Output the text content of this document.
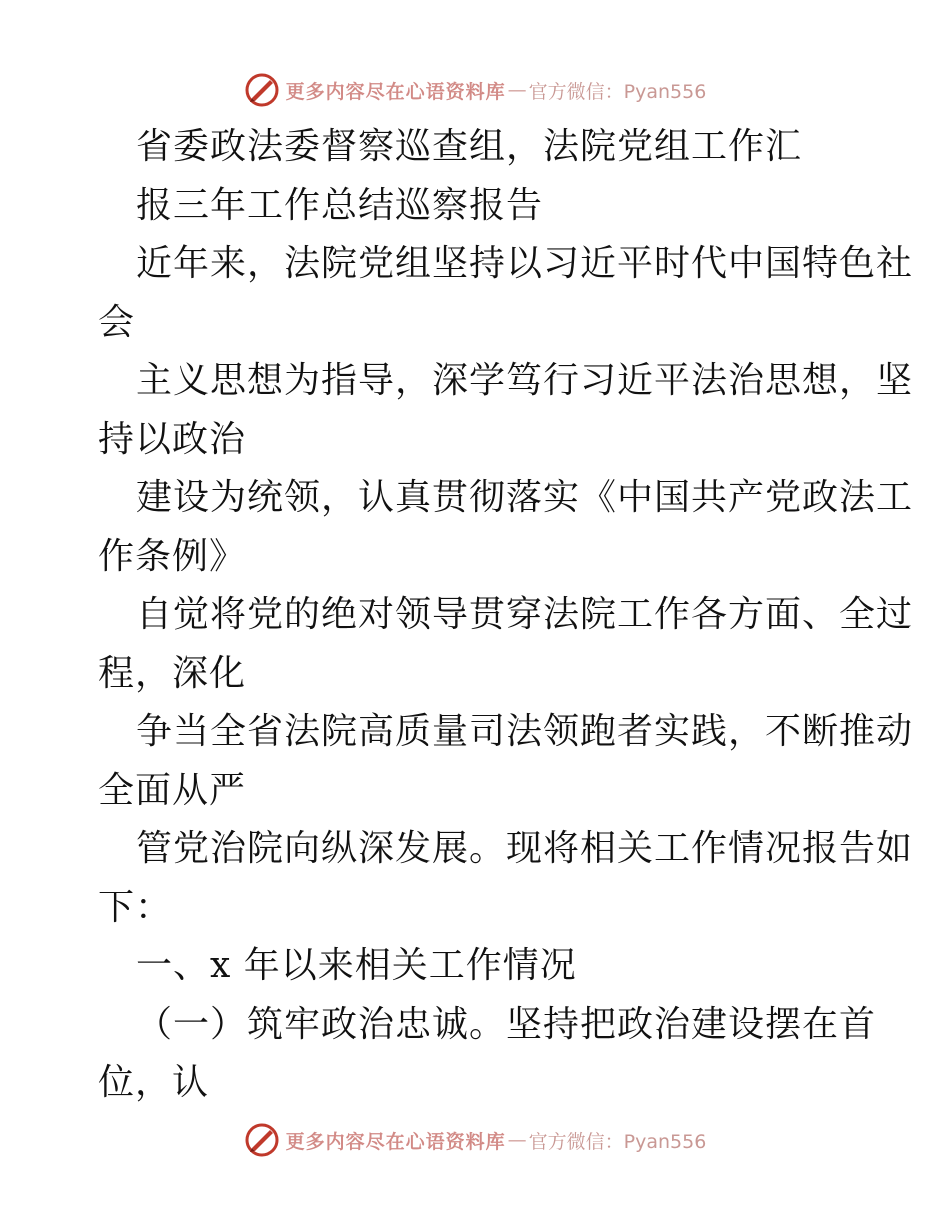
更多内容尽在心语资料库 — 官方微信：Pyan556
省委政法委督察巡查组，法院党组工作汇
报三年工作总结巡察报告
近年来，法院党组坚持以习近平时代中国特色社
会
主义思想为指导，深学笃行习近平法治思想，坚
持以政治
建设为统领，认真贯彻落实《中国共产党政法工
作条例》
自觉将党的绝对领导贯穿法院工作各方面、全过
程，深化
争当全省法院高质量司法领跑者实践，不断推动
全面从严
管党治院向纵深发展。现将相关工作情况报告如
下：
一、x 年以来相关工作情况
（一）筑牢政治忠诚。坚持把政治建设摆在首
位，认
更多内容尽在心语资料库 — 官方微信：Pyan556
